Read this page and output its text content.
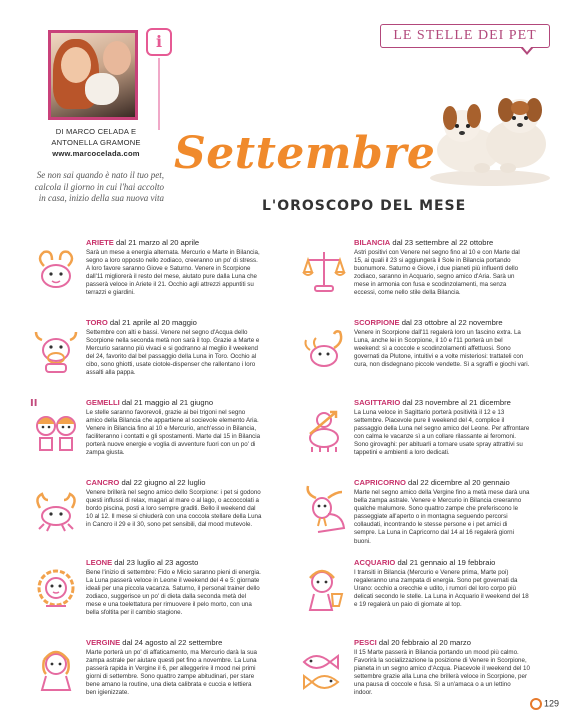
i
DI MARCO CELADA E
ANTONELLA GRAMONE
www.marcocelada.com
Se non sai quando è nato il tuo pet, calcola il giorno in cui l'hai accolto in casa, inizio della sua nuova vita
LE STELLE DEI PET
Settembre
L'OROSCOPO DEL MESE
ARIETE dal 21 marzo al 20 aprile
Sarà un mese a energia alternata. Mercurio e Marte in Bilancia, segno a loro opposto nello zodiaco, creeranno un po' di stress. A loro favore saranno Giove e Saturno. Venere in Scorpione dall'11 migliorerà il resto del mese, aiutato pure dalla Luna che passerà veloce in Ariete il 21. Occhio agli attrezzi appuntiti su terrazzi e giardini.
TORO dal 21 aprile al 20 maggio
Settembre con alti e bassi. Venere nel segno d'Acqua dello Scorpione nella seconda metà non sarà il top. Grazie a Marte e Mercurio saranno più vivaci e si godranno al meglio il weekend del 24, favorito dal bel passaggio della Luna in Toro. Occhio al cibo, sono ghiotti, usate ciotole-dispenser che rallentano i loro assalti alla pappa.
II	GEMELLI dal 21 maggio al 21 giugno
Le stelle saranno favorevoli, grazie ai bei trigoni nel segno amico della Bilancia che appartiene al socievole elemento Aria. Venere in Bilancia fino al 10 e Mercurio, anch'esso in Bilancia, faciliteranno i contatti e gli spostamenti. Marte dal 15 in Bilancia porterà nuove energie e voglia di avventure fuori con un po' di zampa giusta.
CANCRO dal 22 giugno al 22 luglio
Venere brillerà nel segno amico dello Scorpione: i pet si godono questi influssi di relax, magari al mare o al lago, o accoccolati a bordo piscina, posti a loro sempre graditi. Bello il weekend dal 10 al 12. Il mese si chiuderà con una coccola stellare della Luna in Cancro il 29 e il 30, sono pet sensibili, dal mood mutevole.
LEONE dal 23 luglio al 23 agosto
Bene l'inizio di settembre: Fido e Micio saranno pieni di energia. La Luna passerà veloce in Leone il weekend del 4 e 5: giornate ideali per una piccola vacanza. Saturno, il personal trainer dello zodiaco, suggerisce un po' di dieta dalla seconda metà del mese e una toelettatura per rimuovere il pelo morto, con una bella sfoltita per il cambio stagione.
VERGINE dal 24 agosto al 22 settembre
Marte porterà un po' di affaticamento, ma Mercurio darà la sua zampa astrale per aiutare questi pet fino a novembre. La Luna passerà rapida in Vergine il 6, per alleggerire il mood nei primi giorni di settembre. Sono quattro zampe abitudinari, per stare bene amano la routine, una dieta calibrata e cuccia e lettiera ben igienizzate.
BILANCIA dal 23 settembre al 22 ottobre
Astri positivi con Venere nel segno fino al 10 e con Marte dal 15, ai quali il 23 si aggiungerà il Sole in Bilancia portando buonumore. Saturno e Giove, i due pianeti più influenti dello zodiaco, saranno in Acquario, segno amico d'Aria. Sarà un mese in armonia con fusa e scodinzolamenti, ma senza eccessi, come nello stile della Bilancia.
SCORPIONE dal 23 ottobre al 22 novembre
Venere in Scorpione dall'11 regalerà loro un fascino extra. La Luna, anche lei in Scorpione, il 10 e l'11 porterà un bel weekend: sì a coccole e scodinzolamenti affettuosi. Sono governati da Plutone, intuitivi e a volte misteriosi: trattateli con cura, non disdegnano piccole vendette. Sì a sgraffi e giochi vari.
SAGITTARIO dal 23 novembre al 21 dicembre
La Luna veloce in Sagittario porterà positività il 12 e 13 settembre. Piacevole pure il weekend del 4, complice il passaggio della Luna nel segno amico del Leone. Per affrontare con calma le vacanze sì a un collare rilassante ai feromoni. Sono girovaghi: per abituarli a tornare usate spray attrattivi su tappetini e ambienti a loro dedicati.
CAPRICORNO dal 22 dicembre al 20 gennaio
Marte nel segno amico della Vergine fino a metà mese darà una bella zampa astrale. Venere e Mercurio in Bilancia creeranno qualche malumore. Sono quattro zampe che preferiscono le passeggiate all'aperto o in montagna seguendo percorsi collaudati, incontrando le stesse persone e i pet amici di sempre. La Luna in Capricorno dal 14 al 16 regalerà giorni buoni.
ACQUARIO dal 21 gennaio al 19 febbraio
I transiti in Bilancia (Mercurio e Venere prima, Marte poi) regaleranno una zampata di energia. Sono pet governati da Urano: occhio a orecchie e udito, i rumori del loro corpo più delicati secondo le stelle. La Luna in Acquario il weekend del 18 e 19 regalerà un paio di giornate al top.
PESCI dal 20 febbraio al 20 marzo
Il 15 Marte passerà in Bilancia portando un mood più calmo. Favorirà la socializzazione la posizione di Venere in Scorpione, pianeta in un segno amico d'Acqua. Piacevole il weekend del 10 settembre grazie alla Luna che brillerà veloce in Scorpione, per una pausa di coccole e fusa. Sì a un'amaca o a un lettino indoor.
129
